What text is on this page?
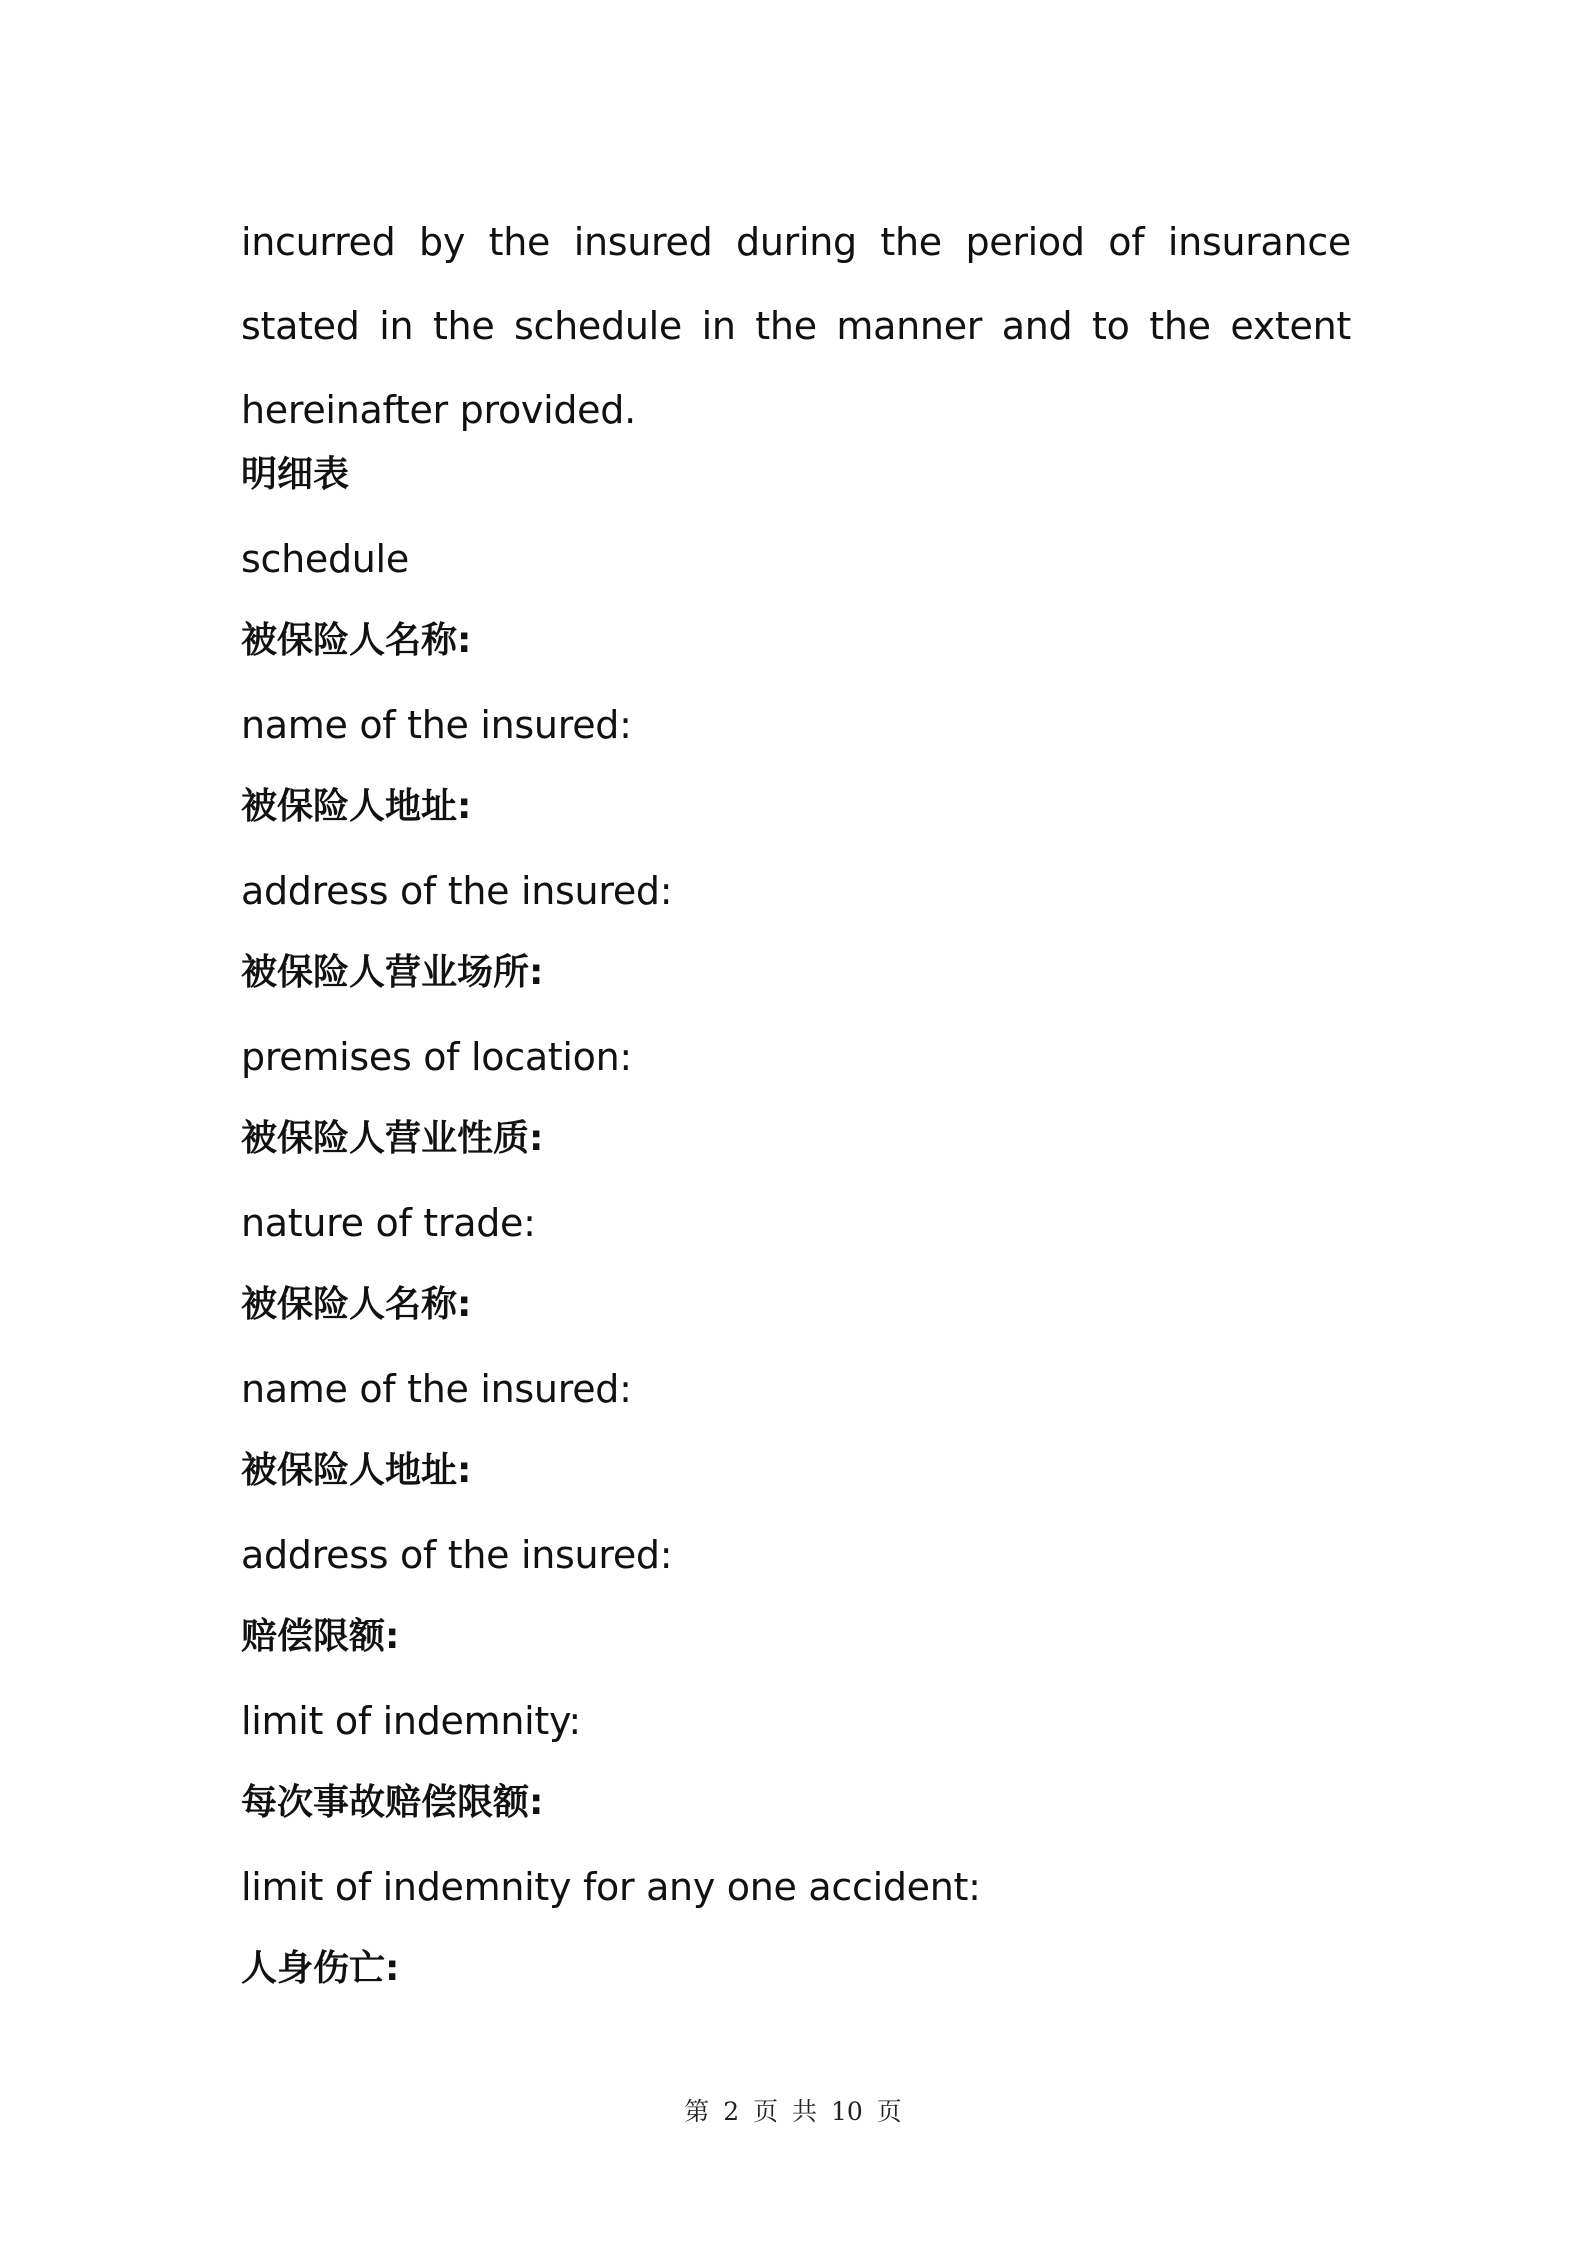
incurred by the insured during the period of insurance stated in the schedule in the manner and to the extent hereinafter provided.

明细表
schedule
被保险人名称:
name of the insured:
被保险人地址:
address of the insured:
被保险人营业场所:
premises of location:
被保险人营业性质:
nature of trade:
被保险人名称:
name of the insured:
被保险人地址:
address of the insured:
赔偿限额:
limit of indemnity:
每次事故赔偿限额:
limit of indemnity for any one accident:
人身伤亡:
第 2 页 共 10 页
